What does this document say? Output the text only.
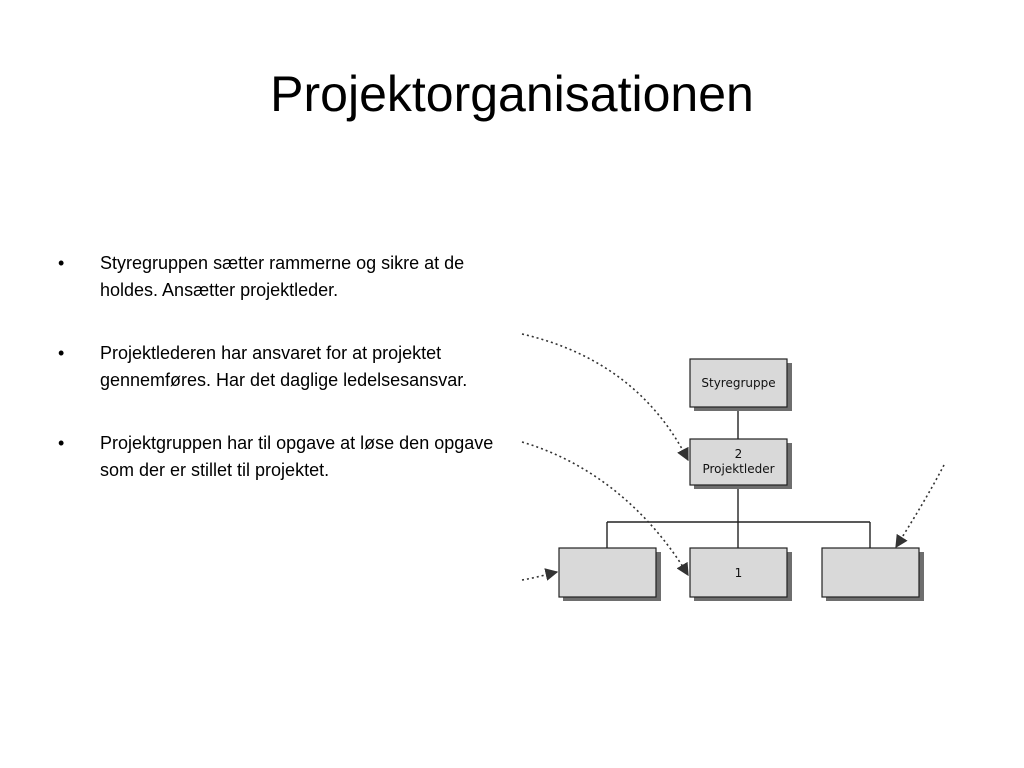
Projektorganisationen
• Styregruppen sætter rammerne og sikre at de holdes. Ansætter projektleder.
• Projektlederen har ansvaret for at projektet gennemføres. Har det daglige ledelsesansvar.
• Projektgruppen har til opgave at løse den opgave som der er stillet til projektet.
Styregruppe
2
Projektleder
1
